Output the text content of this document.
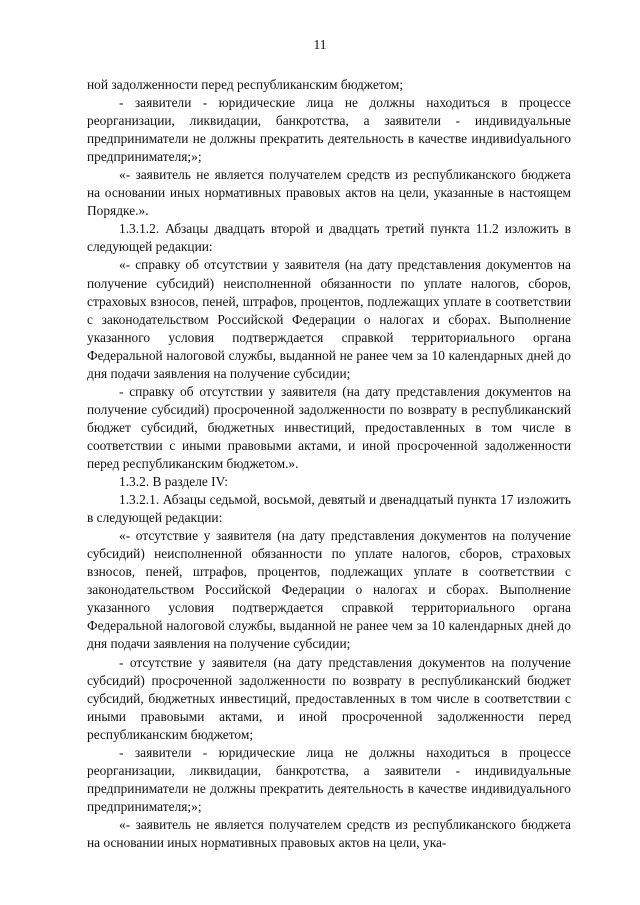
11

ной задолженности перед республиканским бюджетом;

- заявители - юридические лица не должны находиться в процессе реорганизации, ликвидации, банкротства, а заявители - индивидуальные предприниматели не должны прекратить деятельность в качестве индивиdуального предпринимателя;»;

«- заявитель не является получателем средств из республиканского бюджета на основании иных нормативных правовых актов на цели, указанные в настоящем Порядке.».

1.3.1.2. Абзацы двадцать второй и двадцать третий пункта 11.2 изложить в следующей редакции:

«- справку об отсутствии у заявителя (на дату представления документов на получение субсидий) неисполненной обязанности по уплате налогов, сборов, страховых взносов, пеней, штрафов, процентов, подлежащих уплате в соответствии с законодательством Российской Федерации о налогах и сборах. Выполнение указанного условия подтверждается справкой территориального органа Федеральной налоговой службы, выданной не ранее чем за 10 календарных дней до дня подачи заявления на получение субсидии;

- справку об отсутствии у заявителя (на дату представления документов на получение субсидий) просроченной задолженности по возврату в республиканский бюджет субсидий, бюджетных инвестиций, предоставленных в том числе в соответствии с иными правовыми актами, и иной просроченной задолженности перед республиканским бюджетом.».

1.3.2. В разделе IV:

1.3.2.1. Абзацы седьмой, восьмой, девятый и двенадцатый пункта 17 изложить в следующей редакции:

«- отсутствие у заявителя (на дату представления документов на получение субсидий) неисполненной обязанности по уплате налогов, сборов, страховых взносов, пеней, штрафов, процентов, подлежащих уплате в соответствии с законодательством Российской Федерации о налогах и сборах. Выполнение указанного условия подтверждается справкой территориального органа Федеральной налоговой службы, выданной не ранее чем за 10 календарных дней до дня подачи заявления на получение субсидии;

- отсутствие у заявителя (на дату представления документов на получение субсидий) просроченной задолженности по возврату в республиканский бюджет субсидий, бюджетных инвестиций, предоставленных в том числе в соответствии с иными правовыми актами, и иной просроченной задолженности перед республиканским бюджетом;

- заявители - юридические лица не должны находиться в процессе реорганизации, ликвидации, банкротства, а заявители - индивидуальные предприниматели не должны прекратить деятельность в качестве индивидуального предпринимателя;»;

«- заявитель не является получателем средств из республиканского бюджета на основании иных нормативных правовых актов на цели, ука-
